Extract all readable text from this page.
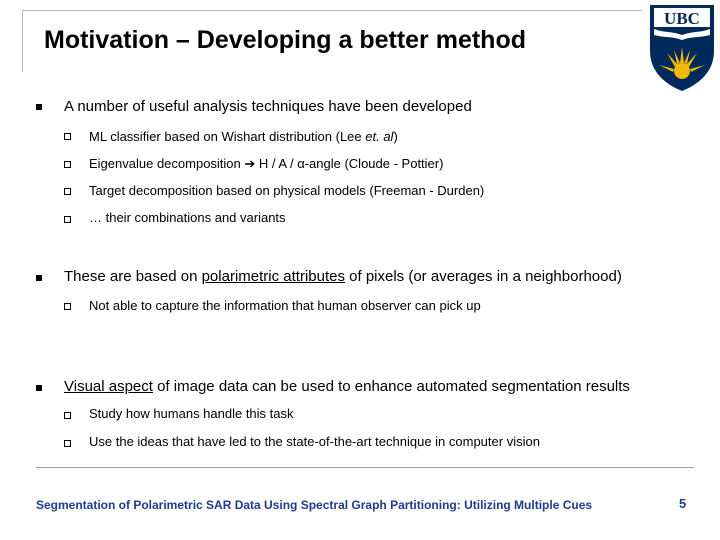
Motivation – Developing a better method
UBC
A number of useful analysis techniques have been developed
ML classifier based on Wishart distribution (Lee et. al)
Eigenvalue decomposition ➔ H / A / α-angle (Cloude - Pottier)
Target decomposition based on physical models (Freeman - Durden)
… their combinations and variants
These are based on polarimetric attributes of pixels (or averages in a neighborhood)
Not able to capture the information that human observer can pick up
Visual aspect of image data can be used to enhance automated segmentation results
Study how humans handle this task
Use the ideas that have led to the state-of-the-art technique in computer vision
Segmentation of Polarimetric SAR Data Using Spectral Graph Partitioning: Utilizing Multiple Cues	5
